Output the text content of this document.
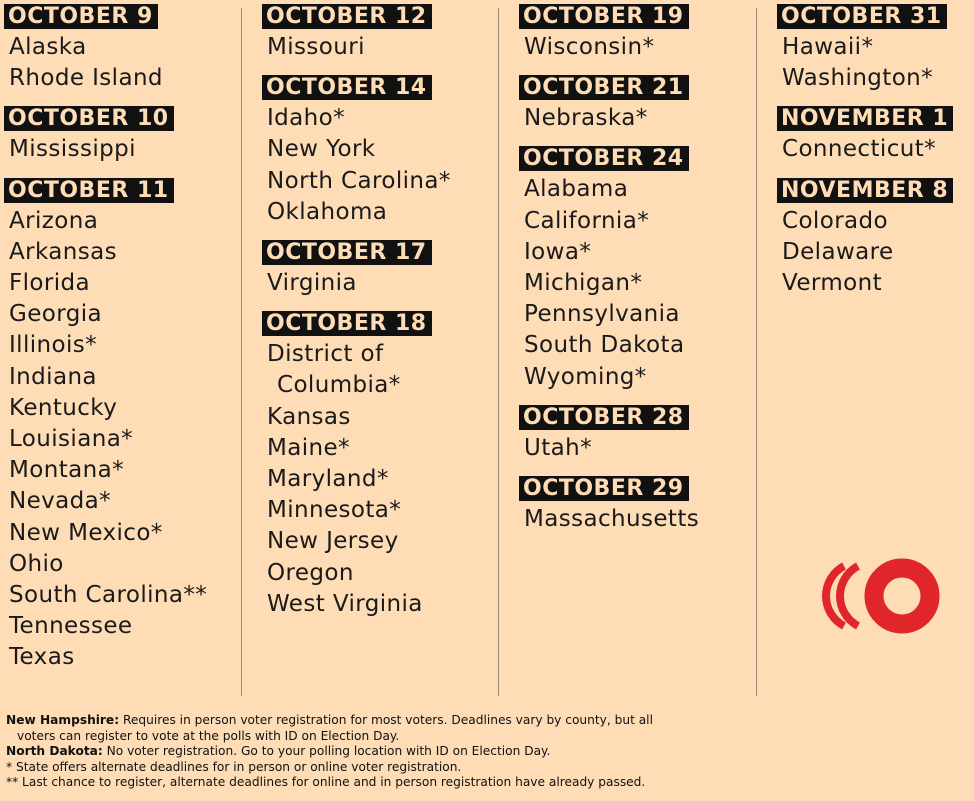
OCTOBER 9
Alaska
Rhode Island
OCTOBER 10
Mississippi
OCTOBER 11
Arizona
Arkansas
Florida
Georgia
Illinois*
Indiana
Kentucky
Louisiana*
Montana*
Nevada*
New Mexico*
Ohio
South Carolina**
Tennessee
Texas
OCTOBER 12
Missouri
OCTOBER 14
Idaho*
New York
North Carolina*
Oklahoma
OCTOBER 17
Virginia
OCTOBER 18
District of
Columbia*
Kansas
Maine*
Maryland*
Minnesota*
New Jersey
Oregon
West Virginia
OCTOBER 19
Wisconsin*
OCTOBER 21
Nebraska*
OCTOBER 24
Alabama
California*
Iowa*
Michigan*
Pennsylvania
South Dakota
Wyoming*
OCTOBER 28
Utah*
OCTOBER 29
Massachusetts
OCTOBER 31
Hawaii*
Washington*
NOVEMBER 1
Connecticut*
NOVEMBER 8
Colorado
Delaware
Vermont

New Hampshire: Requires in person voter registration for most voters. Deadlines vary by county, but all

voters can register to vote at the polls with ID on Election Day.

North Dakota: No voter registration. Go to your polling location with ID on Election Day.

* State offers alternate deadlines for in person or online voter registration.

** Last chance to register, alternate deadlines for online and in person registration have already passed.
